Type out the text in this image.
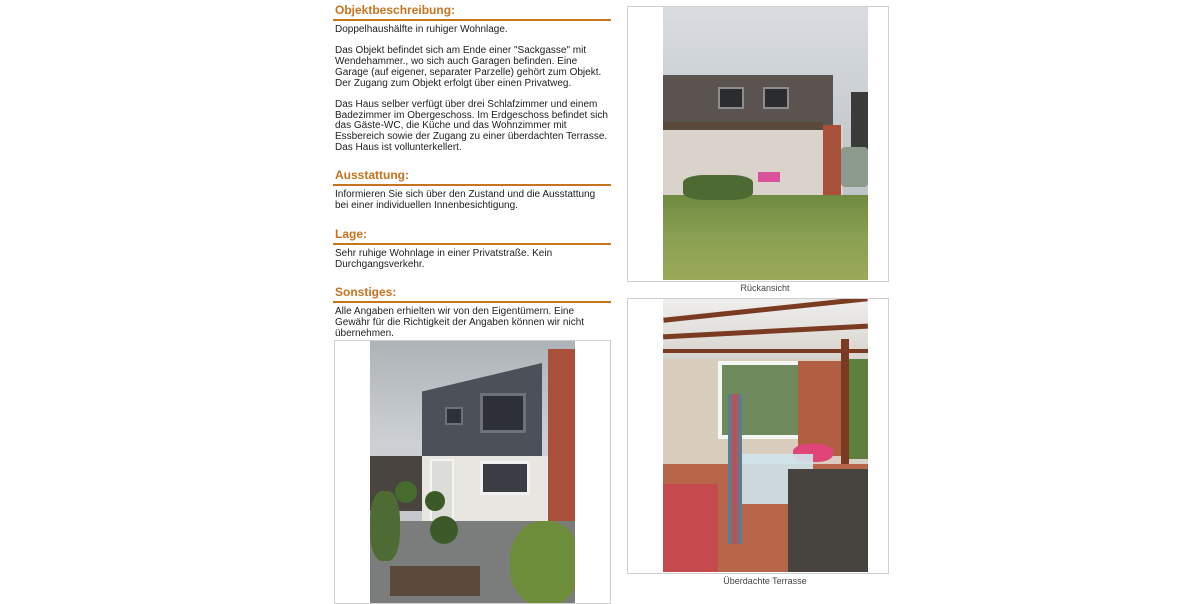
Objektbeschreibung:

Doppelhaushälfte in ruhiger Wohnlage.

Das Objekt befindet sich am Ende einer "Sackgasse" mit Wendehammer., wo sich auch Garagen befinden. Eine Garage (auf eigener, separater Parzelle) gehört zum Objekt. Der Zugang zum Objekt erfolgt über einen Privatweg.

Das Haus selber verfügt über drei Schlafzimmer und einem Badezimmer im Obergeschoss. Im Erdgeschoss befindet sich das Gäste-WC, die Küche und das Wohnzimmer mit Essbereich sowie der Zugang zu einer überdachten Terrasse.

Das Haus ist vollunterkellert.

Ausstattung:

Informieren Sie sich über den Zustand und die Ausstattung bei einer individuellen Innenbesichtigung.

Lage:

Sehr ruhige Wohnlage in einer Privatstraße. Kein Durchgangsverkehr.

Sonstiges:

Alle Angaben erhielten wir von den Eigentümern. Eine Gewähr für die Richtigkeit der Angaben können wir nicht übernehmen.

Rückansicht
Überdachte Terrasse
